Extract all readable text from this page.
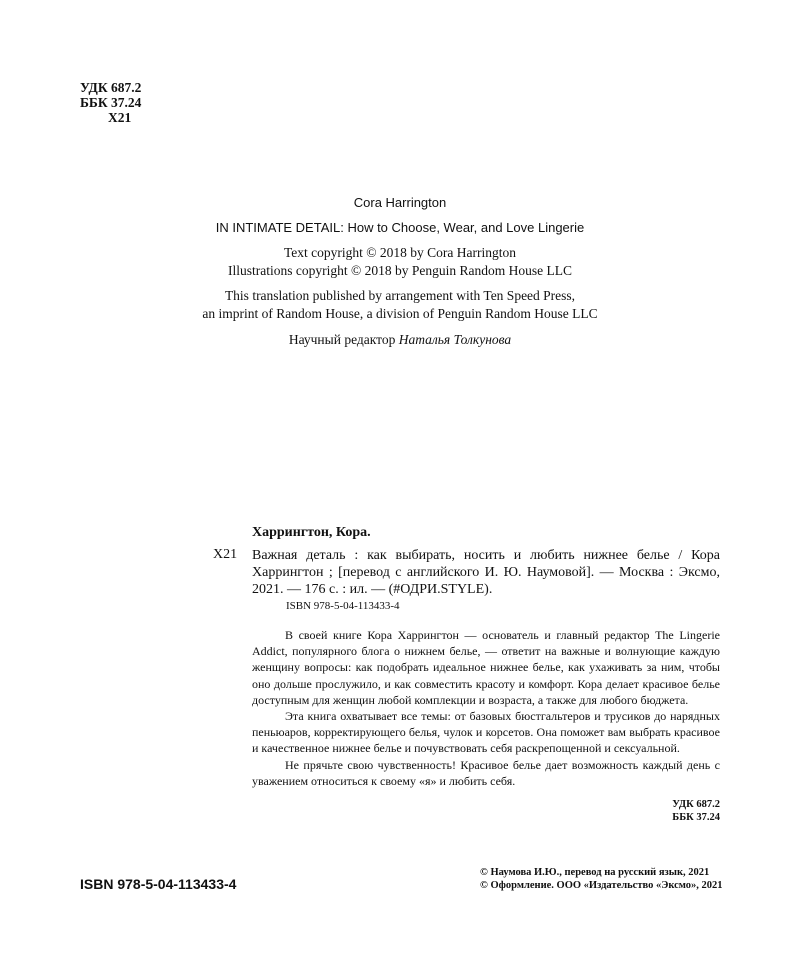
УДК 687.2
ББК 37.24
Х21
Cora Harrington
IN INTIMATE DETAIL: How to Choose, Wear, and Love Lingerie
Text copyright © 2018 by Cora Harrington
Illustrations copyright © 2018 by Penguin Random House LLC
This translation published by arrangement with Ten Speed Press,
an imprint of Random House, a division of Penguin Random House LLC
Научный редактор Наталья Толкунова
Харрингтон, Кора.
Х21 Важная деталь : как выбирать, носить и любить нижнее белье / Кора Харрингтон ; [перевод с английского И. Ю. Наумовой]. — Москва : Эксмо, 2021. — 176 с. : ил. — (#ОДРИ.STYLE).
ISBN 978-5-04-113433-4

В своей книге Кора Харрингтон — основатель и главный редактор The Lingerie Addict, популярного блога о нижнем белье, — ответит на важные и волнующие каждую женщину вопросы: как подобрать идеальное нижнее белье, как ухаживать за ним, чтобы оно дольше прослужило, и как совместить красоту и комфорт. Кора делает красивое белье доступным для женщин любой комплекции и возраста, а также для любого бюджета.

Эта книга охватывает все темы: от базовых бюстгальтеров и трусиков до нарядных пеньюаров, корректирующего белья, чулок и корсетов. Она поможет вам выбрать красивое и качественное нижнее белье и почувствовать себя раскрепощенной и сексуальной.

Не прячьте свою чувственность! Красивое белье дает возможность каждый день с уважением относиться к своему «я» и любить себя.

УДК 687.2
ББК 37.24
ISBN 978-5-04-113433-4
© Наумова И.Ю., перевод на русский язык, 2021
© Оформление. ООО «Издательство «Эксмо», 2021
